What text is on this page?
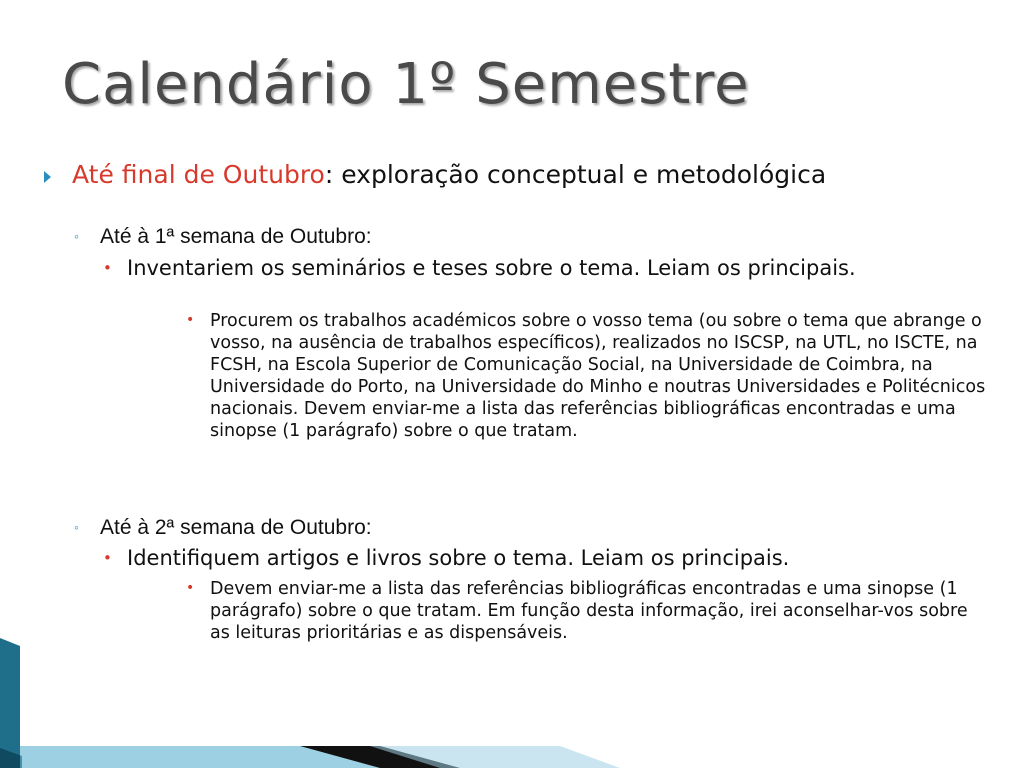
Calendário 1º Semestre
Até final de Outubro: exploração conceptual e metodológica
◦ Até à 1ª semana de Outubro:
• Inventariem os seminários e teses sobre o tema. Leiam os principais.
• Procurem os trabalhos académicos sobre o vosso tema (ou sobre o tema que abrange o vosso, na ausência de trabalhos específicos), realizados no ISCSP, na UTL, no ISCTE, na FCSH, na Escola Superior de Comunicação Social, na Universidade de Coimbra, na Universidade do Porto, na Universidade do Minho e noutras Universidades e Politécnicos nacionais. Devem enviar-me a lista das referências bibliográficas encontradas e uma sinopse (1 parágrafo) sobre o que tratam.
◦ Até à 2ª semana de Outubro:
• Identifiquem artigos e livros sobre o tema. Leiam os principais.
• Devem enviar-me a lista das referências bibliográficas encontradas e uma sinopse (1 parágrafo) sobre o que tratam. Em função desta informação, irei aconselhar-vos sobre as leituras prioritárias e as dispensáveis.
